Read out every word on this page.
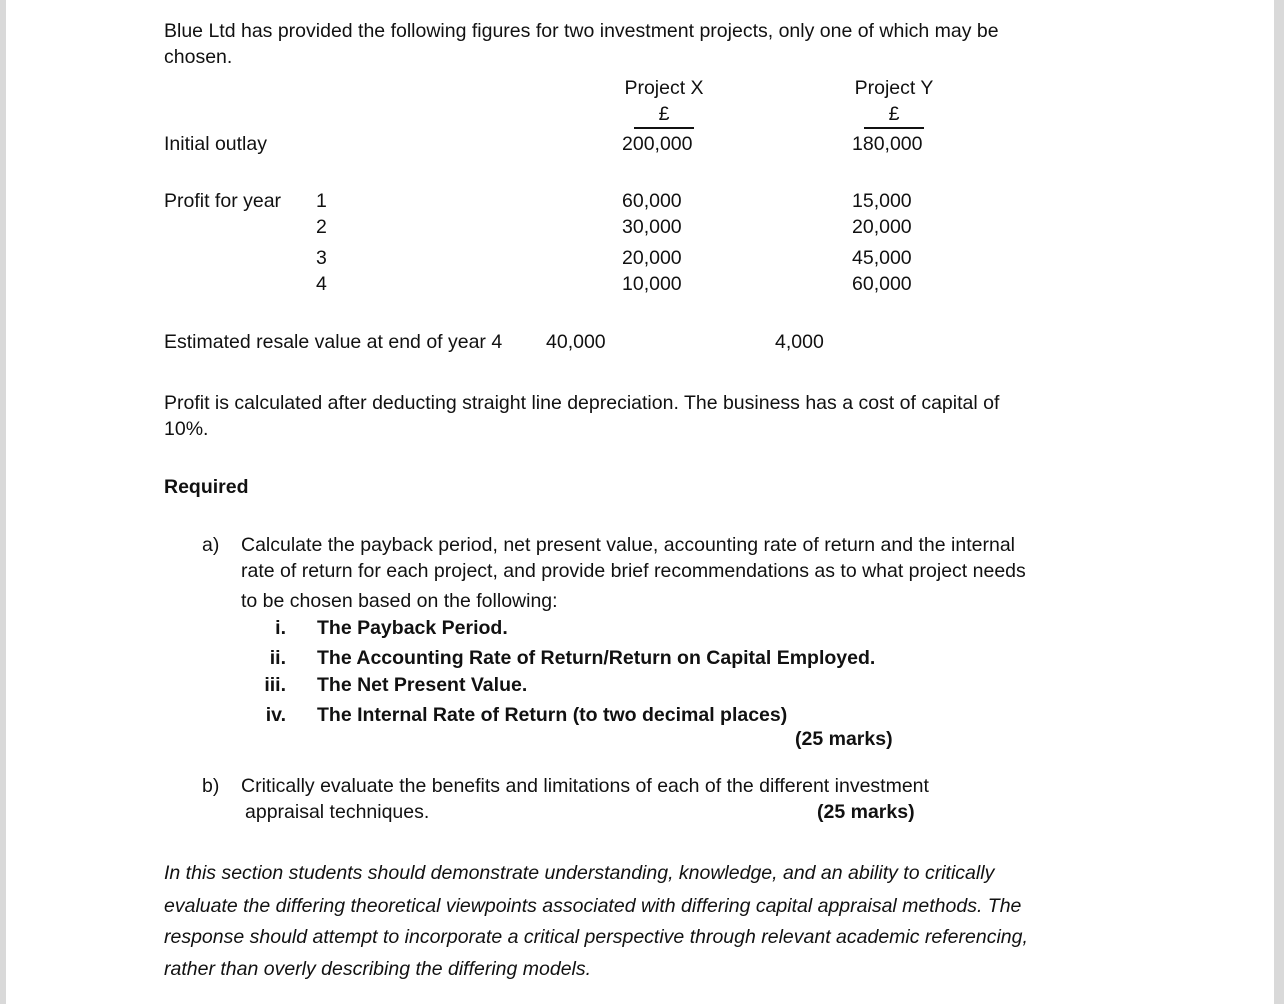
Blue Ltd has provided the following figures for two investment projects, only one of which may be
chosen.
Project X	Project Y
£	£
Initial outlay	200,000	180,000
Profit for year 1	60,000	15,000
2	30,000	20,000
3	20,000	45,000
4	10,000	60,000
Estimated resale value at end of year 4 40,000	4,000
Profit is calculated after deducting straight line depreciation. The business has a cost of capital of
10%.
Required
a) Calculate the payback period, net present value, accounting rate of return and the internal
rate of return for each project, and provide brief recommendations as to what project needs
to be chosen based on the following:
i. The Payback Period.
ii. The Accounting Rate of Return/Return on Capital Employed.
iii. The Net Present Value.
iv. The Internal Rate of Return (to two decimal places)
(25 marks)
b) Critically evaluate the benefits and limitations of each of the different investment
appraisal techniques.	(25 marks)
In this section students should demonstrate understanding, knowledge, and an ability to critically
evaluate the differing theoretical viewpoints associated with differing capital appraisal methods. The
response should attempt to incorporate a critical perspective through relevant academic referencing,
rather than overly describing the differing models.
